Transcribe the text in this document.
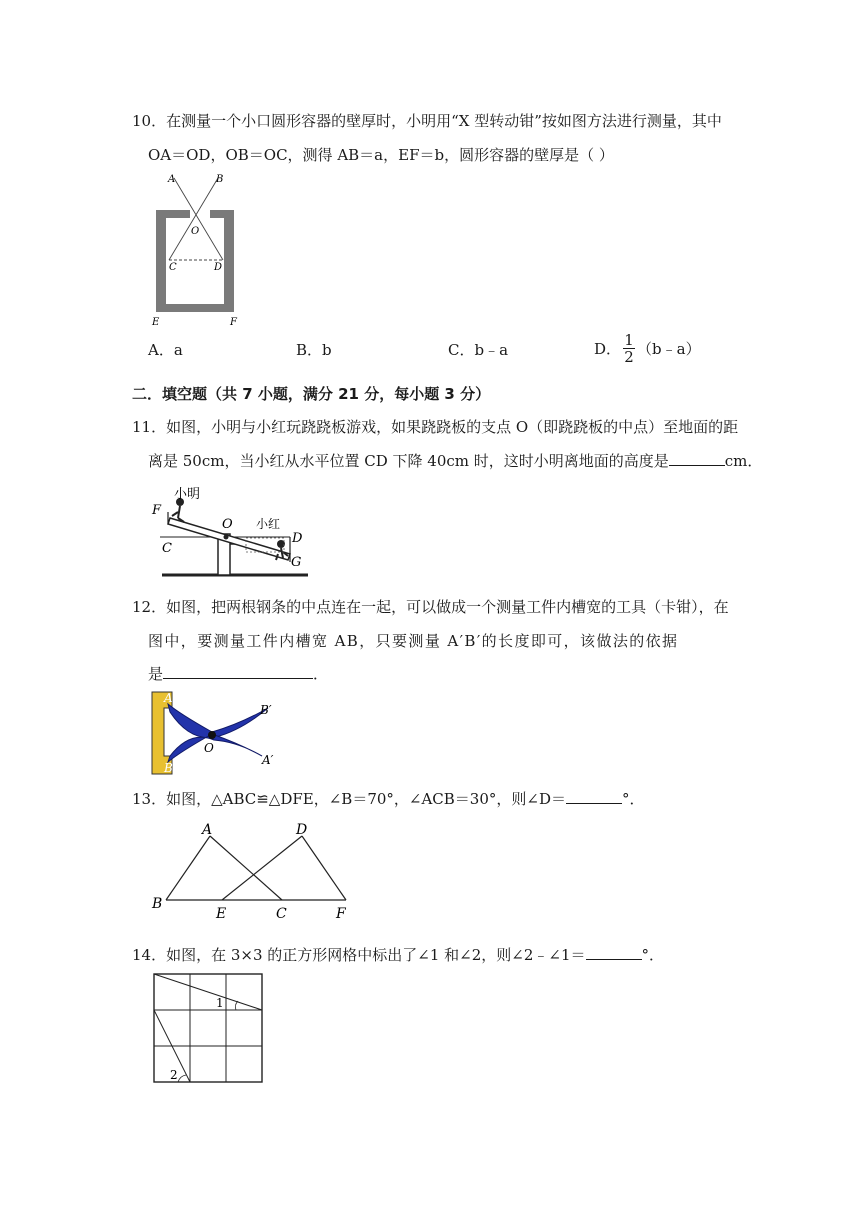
10．在测量一个小口圆形容器的壁厚时，小明用“X 型转动钳”按如图方法进行测量，其中
OA＝OD，OB＝OC，测得 AB＝a，EF＝b，圆形容器的壁厚是（ ）
A	B
O
C	D
E	F
A．a	B．b	C．b﹣a	D． $\frac{1}{2}$ （b﹣a）
二．填空题（共 7 小题，满分 21 分，每小题 3 分）
11．如图，小明与小红玩跷跷板游戏，如果跷跷板的支点 O（即跷跷板的中点）至地面的距
离是 50cm，当小红从水平位置 CD 下降 40cm 时，这时小明离地面的高度是	cm．
小明
小红
F
C
O
D
G
12．如图，把两根钢条的中点连在一起，可以做成一个测量工件内槽宽的工具（卡钳），在
图中，要测量工件内槽宽 AB，只要测量 A′B′的长度即可，该做法的依据
是	．
A
B
O
B′
A′
13．如图，△ABC≌△DFE，∠B＝70°，∠ACB＝30°，则∠D＝	°．
A	D
B
E	C	F
14．如图，在 3×3 的正方形网格中标出了∠1 和∠2，则∠2﹣∠1＝	°．
1
2
